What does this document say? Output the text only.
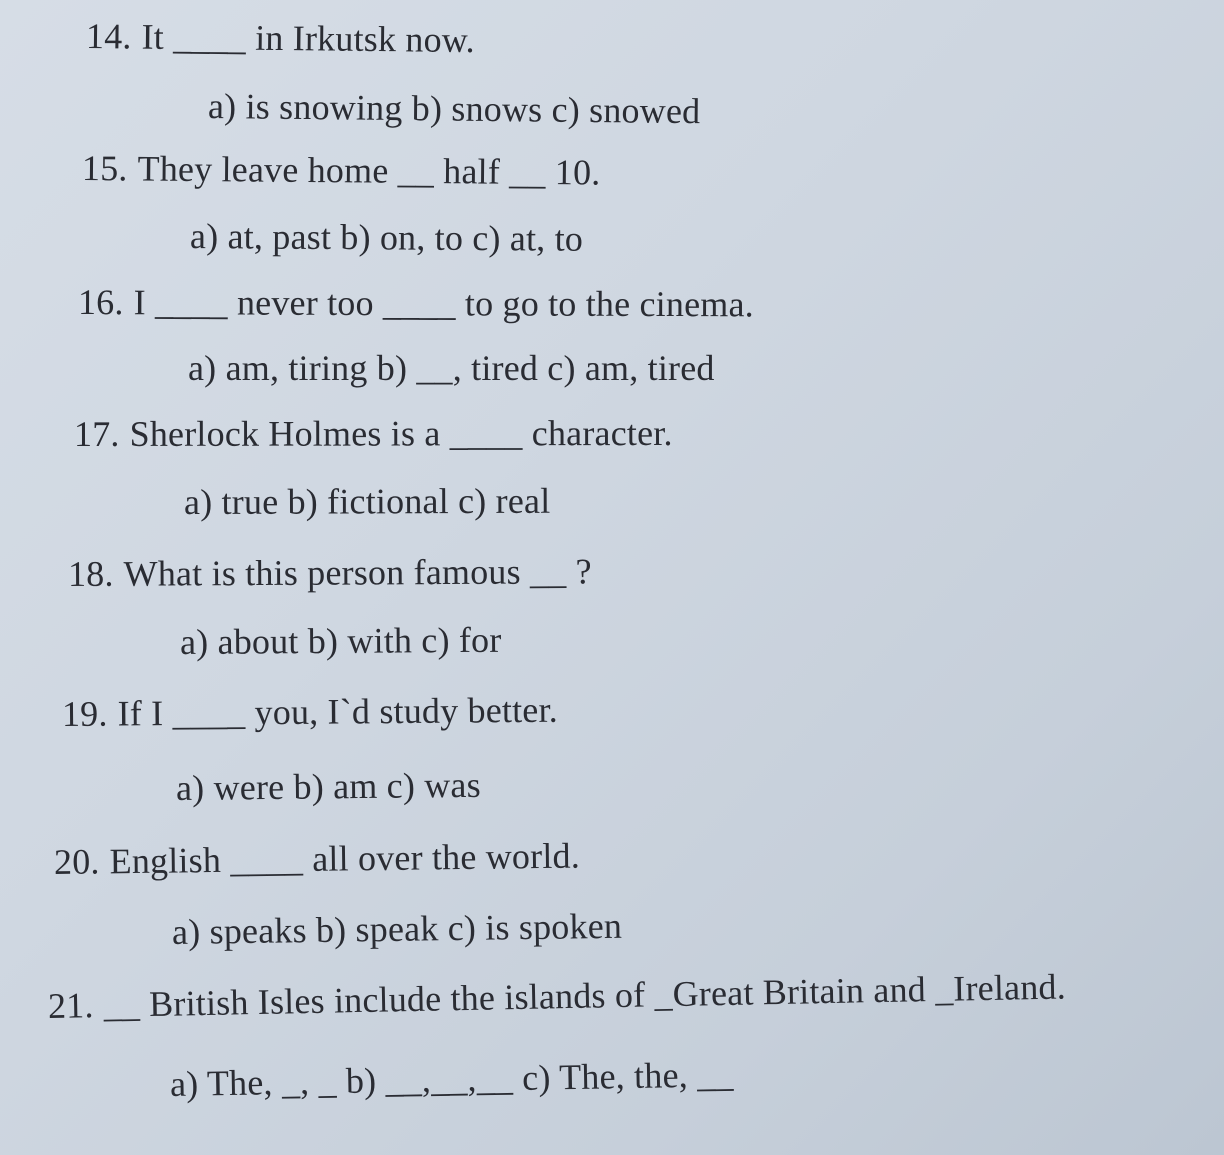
14. It ____ in Irkutsk now.
a) is snowing b) snows c) snowed
15. They leave home __ half __ 10.
a) at, past b) on, to c) at, to
16. I ____ never too ____ to go to the cinema.
a) am, tiring b) __, tired c) am, tired
17. Sherlock Holmes is a ____ character.
a) true b) fictional c) real
18. What is this person famous __ ?
a) about b) with c) for
19. If I ____ you, I`d study better.
a) were b) am c) was
20. English ____ all over the world.
a) speaks b) speak c) is spoken
21. __ British Isles include the islands of _Great Britain and _Ireland.
a) The, _, _ b) __,__,__ c) The, the, __
